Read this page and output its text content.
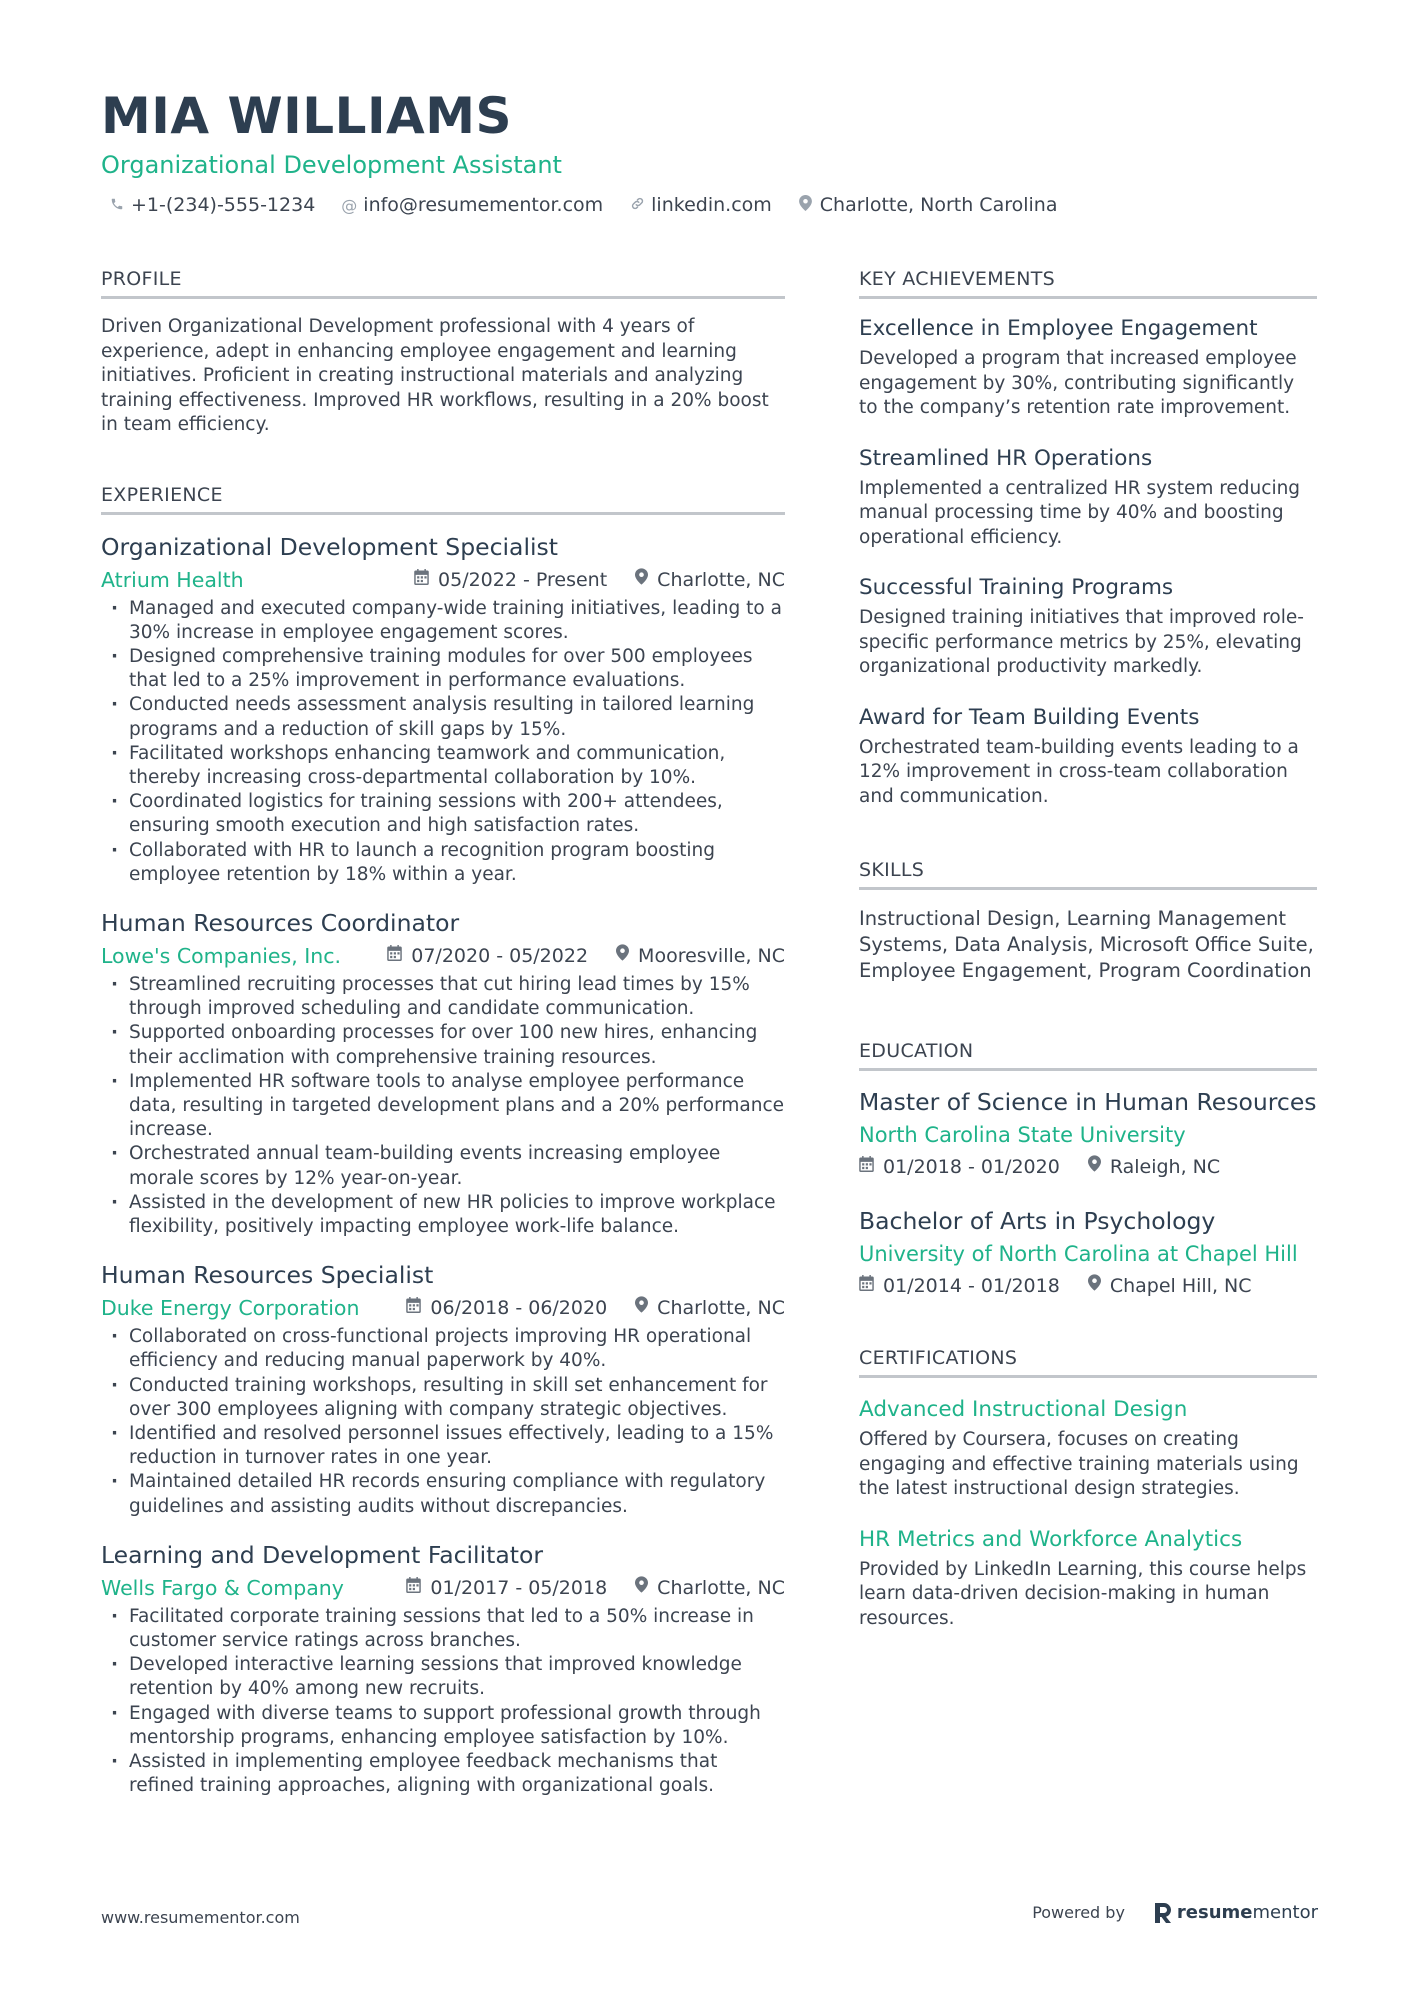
MIA WILLIAMS
Organizational Development Assistant
+1-(234)-555-1234 @ info@resumementor.com	linkedin.com	Charlotte, North Carolina
PROFILE
Driven Organizational Development professional with 4 years of experience, adept in enhancing employee engagement and learning initiatives. Proficient in creating instructional materials and analyzing training effectiveness. Improved HR workflows, resulting in a 20% boost in team efficiency.
EXPERIENCE
Organizational Development Specialist
Atrium Health	05/2022 - Present	Charlotte, NC
· Managed and executed company-wide training initiatives, leading to a 30% increase in employee engagement scores.
· Designed comprehensive training modules for over 500 employees that led to a 25% improvement in performance evaluations.
· Conducted needs assessment analysis resulting in tailored learning programs and a reduction of skill gaps by 15%.
· Facilitated workshops enhancing teamwork and communication, thereby increasing cross-departmental collaboration by 10%.
· Coordinated logistics for training sessions with 200+ attendees, ensuring smooth execution and high satisfaction rates.
· Collaborated with HR to launch a recognition program boosting employee retention by 18% within a year.
Human Resources Coordinator
Lowe's Companies, Inc.	07/2020 - 05/2022	Mooresville, NC
· Streamlined recruiting processes that cut hiring lead times by 15% through improved scheduling and candidate communication.
· Supported onboarding processes for over 100 new hires, enhancing their acclimation with comprehensive training resources.
· Implemented HR software tools to analyse employee performance data, resulting in targeted development plans and a 20% performance increase.
· Orchestrated annual team-building events increasing employee morale scores by 12% year-on-year.
· Assisted in the development of new HR policies to improve workplace flexibility, positively impacting employee work-life balance.
Human Resources Specialist
Duke Energy Corporation	06/2018 - 06/2020	Charlotte, NC
· Collaborated on cross-functional projects improving HR operational efficiency and reducing manual paperwork by 40%.
· Conducted training workshops, resulting in skill set enhancement for over 300 employees aligning with company strategic objectives.
· Identified and resolved personnel issues effectively, leading to a 15% reduction in turnover rates in one year.
· Maintained detailed HR records ensuring compliance with regulatory guidelines and assisting audits without discrepancies.
Learning and Development Facilitator
Wells Fargo & Company	01/2017 - 05/2018	Charlotte, NC
· Facilitated corporate training sessions that led to a 50% increase in customer service ratings across branches.
· Developed interactive learning sessions that improved knowledge retention by 40% among new recruits.
· Engaged with diverse teams to support professional growth through mentorship programs, enhancing employee satisfaction by 10%.
· Assisted in implementing employee feedback mechanisms that refined training approaches, aligning with organizational goals.
KEY ACHIEVEMENTS
Excellence in Employee Engagement
Developed a program that increased employee engagement by 30%, contributing significantly to the company’s retention rate improvement.
Streamlined HR Operations
Implemented a centralized HR system reducing manual processing time by 40% and boosting operational efficiency.
Successful Training Programs
Designed training initiatives that improved role-specific performance metrics by 25%, elevating organizational productivity markedly.
Award for Team Building Events
Orchestrated team-building events leading to a 12% improvement in cross-team collaboration and communication.
SKILLS
Instructional Design, Learning Management Systems, Data Analysis, Microsoft Office Suite, Employee Engagement, Program Coordination
EDUCATION
Master of Science in Human Resources
North Carolina State University
01/2018 - 01/2020	Raleigh, NC
Bachelor of Arts in Psychology
University of North Carolina at Chapel Hill
01/2014 - 01/2018	Chapel Hill, NC
CERTIFICATIONS
Advanced Instructional Design
Offered by Coursera, focuses on creating engaging and effective training materials using the latest instructional design strategies.
HR Metrics and Workforce Analytics
Provided by LinkedIn Learning, this course helps learn data-driven decision-making in human resources.
www.resumementor.com	Powered by	resume mentor
